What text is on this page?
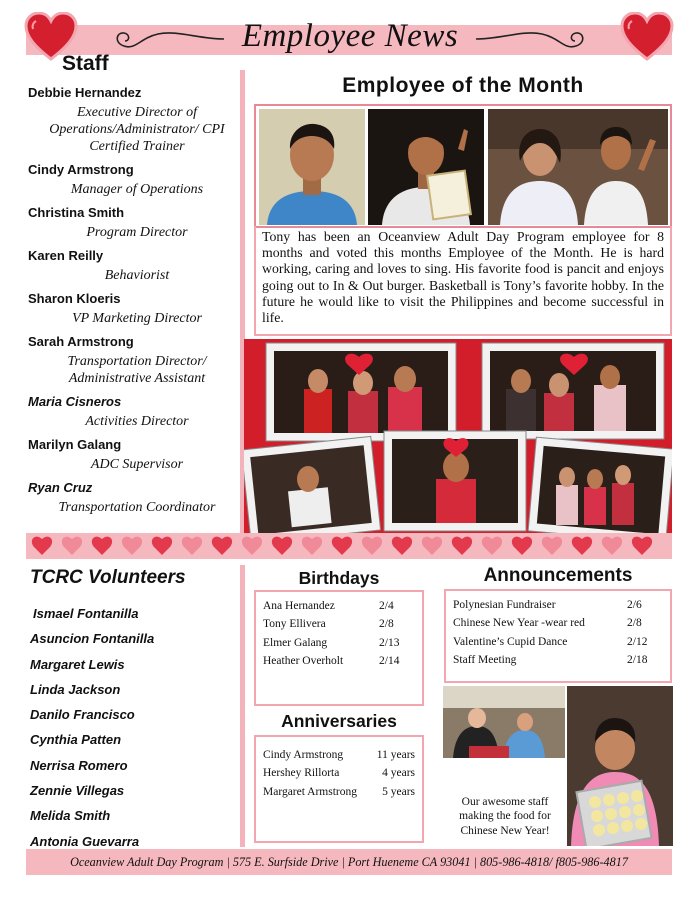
Employee News
Staff
Debbie Hernandez
Executive Director of Operations/Administrator/ CPI Certified Trainer
Cindy Armstrong
Manager of Operations
Christina Smith
Program Director
Karen Reilly
Behaviorist
Sharon Kloeris
VP Marketing Director
Sarah Armstrong
Transportation Director/ Administrative Assistant
Maria Cisneros
Activities Director
Marilyn Galang
ADC Supervisor
Ryan Cruz
Transportation Coordinator
Employee of the Month
Tony has been an Oceanview Adult Day Program employee for 8 months and voted this months Employee of the Month. He is hard working, caring and loves to sing. His favorite food is pancit and enjoys going out to In & Out burger. Basketball is Tony’s favorite hobby. In the future he would like to visit the Philippines and become successful in life.
TCRC Volunteers
Ismael Fontanilla
Asuncion Fontanilla
Margaret Lewis
Linda Jackson
Danilo Francisco
Cynthia Patten
Nerrisa Romero
Zennie Villegas
Melida Smith
Antonia Guevarra
Birthdays
Ana Hernandez	2/4
Tony Ellivera	2/8
Elmer Galang	2/13
Heather Overholt	2/14
Anniversaries
Cindy Armstrong	11 years
Hershey Rillorta	4 years
Margaret Armstrong 5 years
Announcements
Polynesian Fundraiser	2/6
Chinese New Year -wear red	2/8
Valentine’s Cupid Dance	2/12
Staff Meeting	2/18
Our awesome staff making the food for Chinese New Year!
Oceanview Adult Day Program | 575 E. Surfside Drive | Port Hueneme CA 93041 | 805-986-4818/ f805-986-4817
